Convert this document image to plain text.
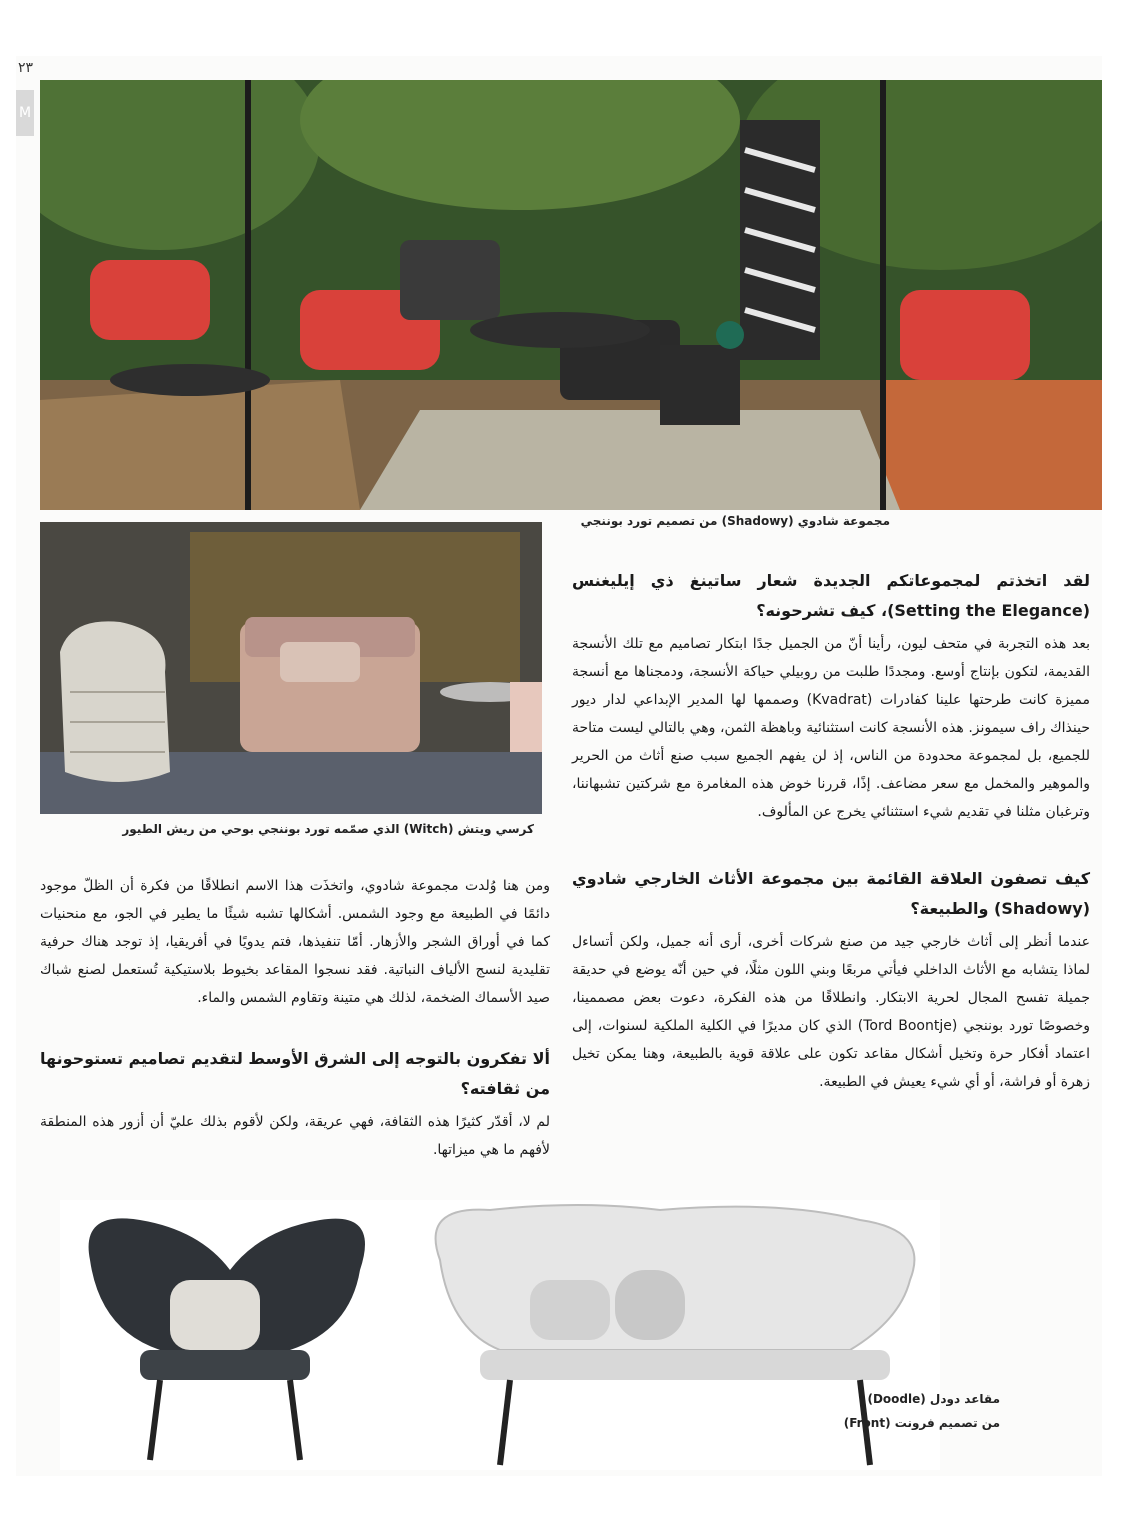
٢٣
M
مجموعة شادوي (Shadowy) من تصميم تورد بوننجي
كرسي ويتش (Witch) الذي صمّمه تورد بوننجي بوحي من ريش الطيور

لقد اتخذتم لمجموعاتكم الجديدة شعار ساتينغ ذي إيليغنس (Setting the Elegance)، كيف تشرحونه؟

بعد هذه التجربة في متحف ليون، رأينا أنّ من الجميل جدًا ابتكار تصاميم مع تلك الأنسجة القديمة، لتكون بإنتاج أوسع. ومجددًا طلبت من روبيلي حياكة الأنسجة، ودمجناها مع أنسجة مميزة كانت طرحتها علينا كفادرات (Kvadrat) وصممها لها المدير الإبداعي لدار ديور حينذاك راف سيمونز. هذه الأنسجة كانت استثنائية وباهظة الثمن، وهي بالتالي ليست متاحة للجميع، بل لمجموعة محدودة من الناس، إذ لن يفهم الجميع سبب صنع أثاث من الحرير والموهير والمخمل مع سعر مضاعف. إذًا، قررنا خوض هذه المغامرة مع شركتين تشبهاننا، وترغبان مثلنا في تقديم شيء استثنائي يخرج عن المألوف.

كيف تصفون العلاقة القائمة بين مجموعة الأثاث الخارجي شادوي (Shadowy) والطبيعة؟

عندما أنظر إلى أثاث خارجي جيد من صنع شركات أخرى، أرى أنه جميل، ولكن أتساءل لماذا يتشابه مع الأثاث الداخلي فيأتي مربعًا وبني اللون مثلًا، في حين أنّه يوضع في حديقة جميلة تفسح المجال لحرية الابتكار. وانطلاقًا من هذه الفكرة، دعوت بعض مصممينا، وخصوصًا تورد بوننجي (Tord Boontje) الذي كان مديرًا في الكلية الملكية لسنوات، إلى اعتماد أفكار حرة وتخيل أشكال مقاعد تكون على علاقة قوية بالطبيعة، وهنا يمكن تخيل زهرة أو فراشة، أو أي شيء يعيش في الطبيعة.

ومن هنا وُلدت مجموعة شادوي، واتخذَت هذا الاسم انطلاقًا من فكرة أن الظلّ موجود دائمًا في الطبيعة مع وجود الشمس. أشكالها تشبه شيئًا ما يطير في الجو، مع منحنيات كما في أوراق الشجر والأزهار. أمّا تنفيذها، فتم يدويًا في أفريقيا، إذ توجد هناك حرفية تقليدية لنسج الألياف النباتية. فقد نسجوا المقاعد بخيوط بلاستيكية تُستعمل لصنع شباك صيد الأسماك الضخمة، لذلك هي متينة وتقاوم الشمس والماء.

ألا تفكرون بالتوجه إلى الشرق الأوسط لتقديم تصاميم تستوحونها من ثقافته؟

لم لا، أقدّر كثيرًا هذه الثقافة، فهي عريقة، ولكن لأقوم بذلك عليّ أن أزور هذه المنطقة لأفهم ما هي ميزاتها.

مقاعد دودل (Doodle)
من تصميم فرونت (Front)
